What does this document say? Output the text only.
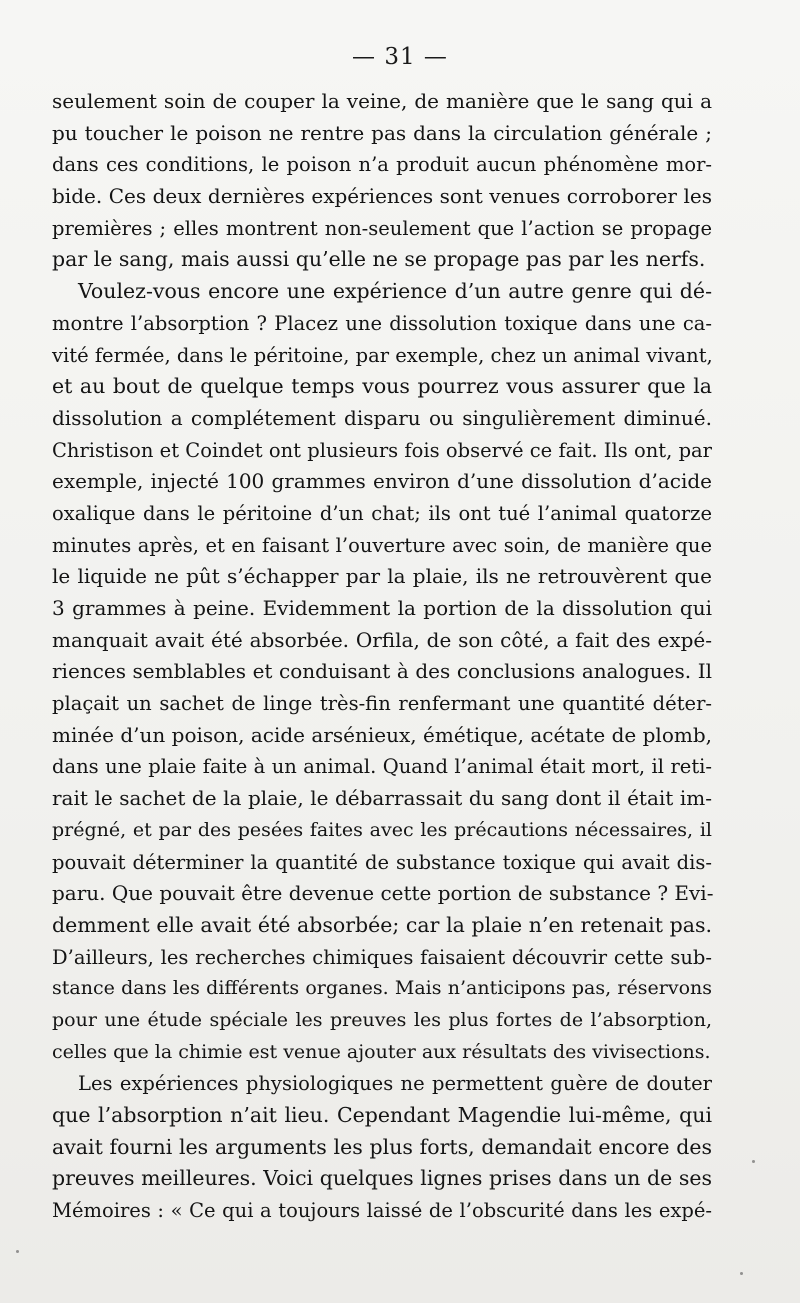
— 31 —
seulement soin de couper la veine, de manière que le sang qui a
pu toucher le poison ne rentre pas dans la circulation générale ;
dans ces conditions, le poison n’a produit aucun phénomène mor-
bide. Ces deux dernières expériences sont venues corroborer les
premières ; elles montrent non-seulement que l’action se propage
par le sang, mais aussi qu’elle ne se propage pas par les nerfs.
Voulez-vous encore une expérience d’un autre genre qui dé-
montre l’absorption ? Placez une dissolution toxique dans une ca-
vité fermée, dans le péritoine, par exemple, chez un animal vivant,
et au bout de quelque temps vous pourrez vous assurer que la
dissolution a complétement disparu ou singulièrement diminué.
Christison et Coindet ont plusieurs fois observé ce fait. Ils ont, par
exemple, injecté 100 grammes environ d’une dissolution d’acide
oxalique dans le péritoine d’un chat; ils ont tué l’animal quatorze
minutes après, et en faisant l’ouverture avec soin, de manière que
le liquide ne pût s’échapper par la plaie, ils ne retrouvèrent que
3 grammes à peine. Evidemment la portion de la dissolution qui
manquait avait été absorbée. Orfila, de son côté, a fait des expé-
riences semblables et conduisant à des conclusions analogues. Il
plaçait un sachet de linge très-fin renfermant une quantité déter-
minée d’un poison, acide arsénieux, émétique, acétate de plomb,
dans une plaie faite à un animal. Quand l’animal était mort, il reti-
rait le sachet de la plaie, le débarrassait du sang dont il était im-
prégné, et par des pesées faites avec les précautions nécessaires, il
pouvait déterminer la quantité de substance toxique qui avait dis-
paru. Que pouvait être devenue cette portion de substance ? Evi-
demment elle avait été absorbée; car la plaie n’en retenait pas.
D’ailleurs, les recherches chimiques faisaient découvrir cette sub-
stance dans les différents organes. Mais n’anticipons pas, réservons
pour une étude spéciale les preuves les plus fortes de l’absorption,
celles que la chimie est venue ajouter aux résultats des vivisections.
Les expériences physiologiques ne permettent guère de douter
que l’absorption n’ait lieu. Cependant Magendie lui-même, qui
avait fourni les arguments les plus forts, demandait encore des
preuves meilleures. Voici quelques lignes prises dans un de ses
Mémoires : « Ce qui a toujours laissé de l’obscurité dans les expé-
